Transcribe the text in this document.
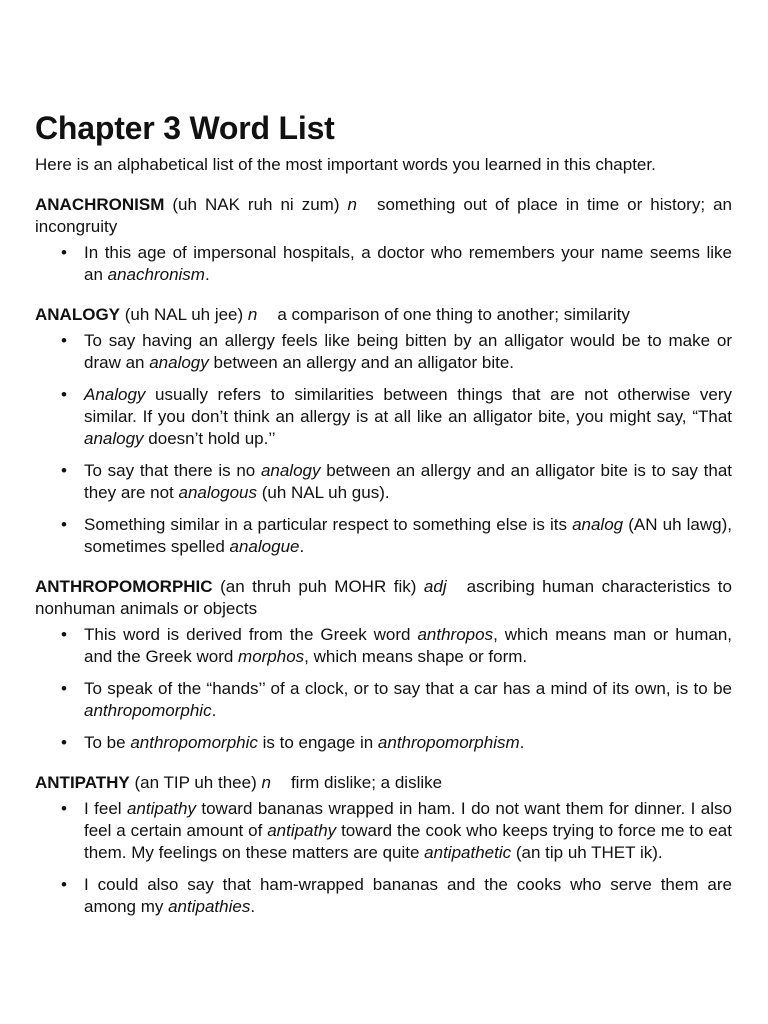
Chapter 3 Word List

Here is an alphabetical list of the most important words you learned in this chapter.

ANACHRONISM (uh NAK ruh ni zum) n something out of place in time or history; an incongruity

• In this age of impersonal hospitals, a doctor who remembers your name seems like an anachronism.

ANALOGY (uh NAL uh jee) n a comparison of one thing to another; similarity

• To say having an allergy feels like being bitten by an alligator would be to make or draw an analogy between an allergy and an alligator bite.
• Analogy usually refers to similarities between things that are not otherwise very similar. If you don’t think an allergy is at all like an alligator bite, you might say, “That analogy doesn’t hold up.’’
• To say that there is no analogy between an allergy and an alligator bite is to say that they are not analogous (uh NAL uh gus).
• Something similar in a particular respect to something else is its analog (AN uh lawg), sometimes spelled analogue.

ANTHROPOMORPHIC (an thruh puh MOHR fik) adj ascribing human characteristics to nonhuman animals or objects

• This word is derived from the Greek word anthropos, which means man or human, and the Greek word morphos, which means shape or form.
• To speak of the “hands’’ of a clock, or to say that a car has a mind of its own, is to be anthropomorphic.
• To be anthropomorphic is to engage in anthropomorphism.

ANTIPATHY (an TIP uh thee) n firm dislike; a dislike

• I feel antipathy toward bananas wrapped in ham. I do not want them for dinner. I also feel a certain amount of antipathy toward the cook who keeps trying to force me to eat them. My feelings on these matters are quite antipathetic (an tip uh THET ik).
• I could also say that ham-wrapped bananas and the cooks who serve them are among my antipathies.
